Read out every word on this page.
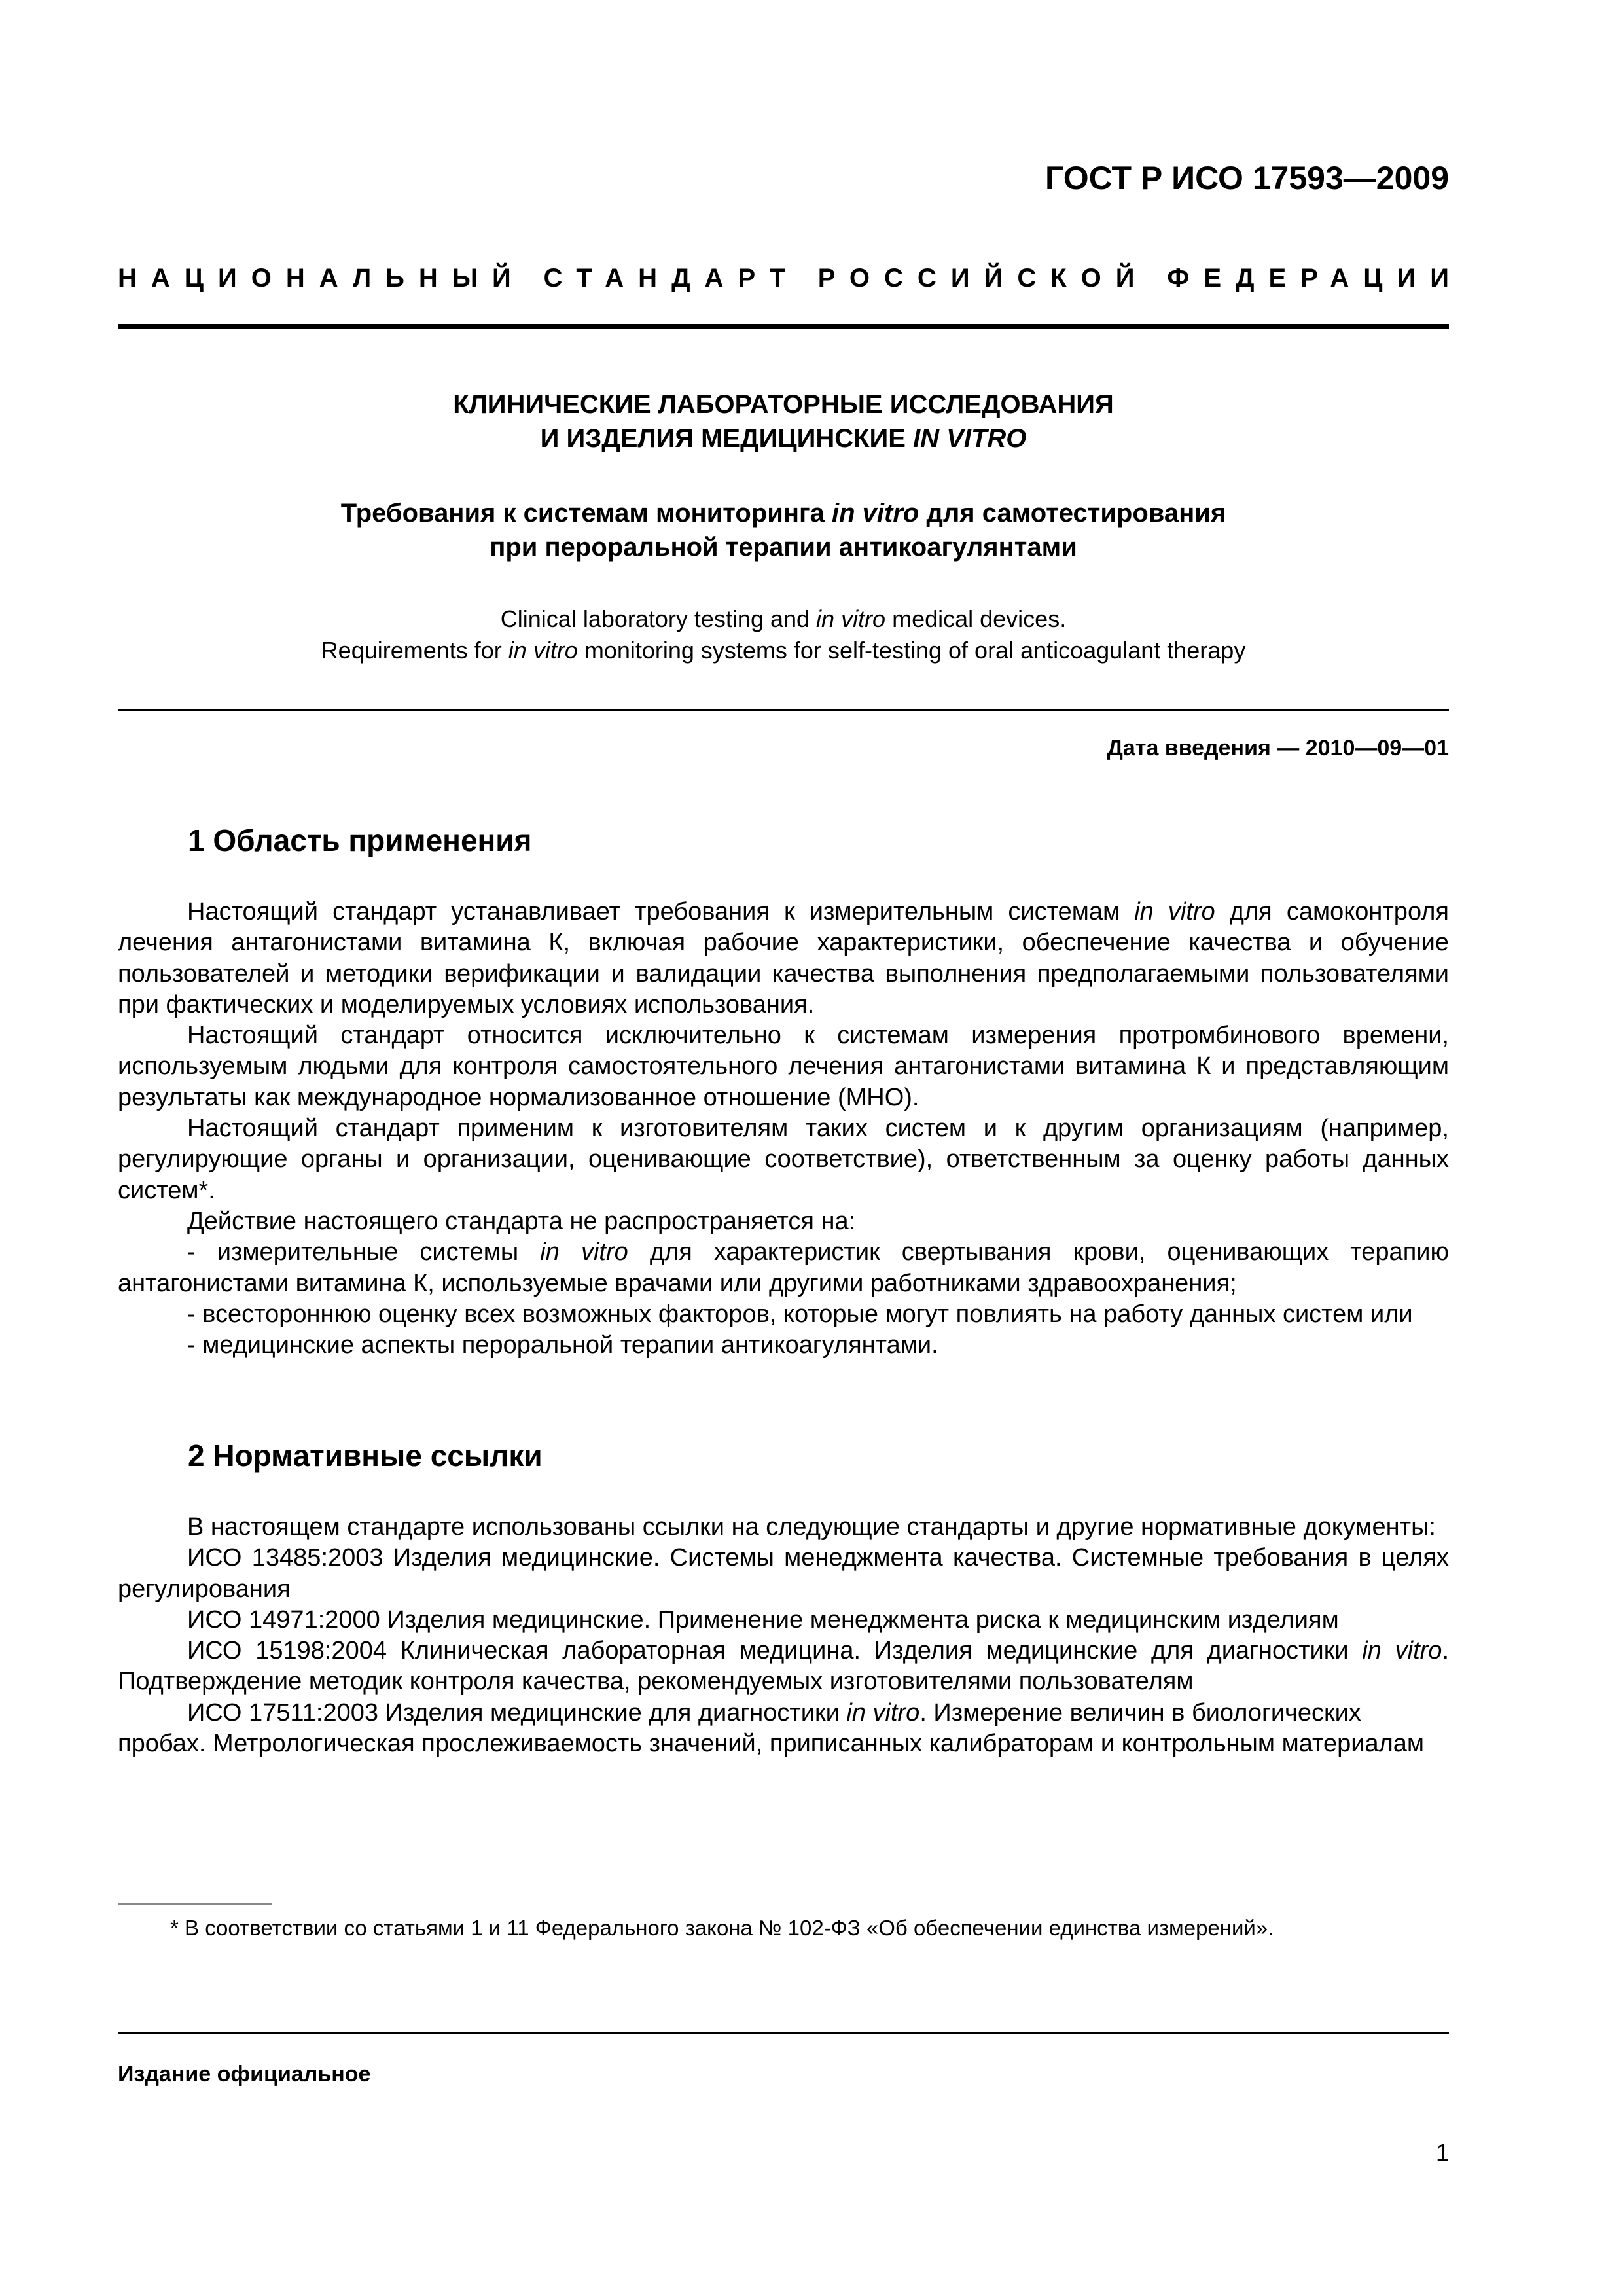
ГОСТ Р ИСО 17593—2009
НАЦИОНАЛЬНЫЙ СТАНДАРТ РОССИЙСКОЙ ФЕДЕРАЦИИ
КЛИНИЧЕСКИЕ ЛАБОРАТОРНЫЕ ИССЛЕДОВАНИЯ
И ИЗДЕЛИЯ МЕДИЦИНСКИЕ IN VITRO
Требования к системам мониторинга in vitro для самотестирования
при пероральной терапии антикоагулянтами
Clinical laboratory testing and in vitro medical devices.
Requirements for in vitro monitoring systems for self-testing of oral anticoagulant therapy
Дата введения — 2010—09—01
1 Область применения

Настоящий стандарт устанавливает требования к измерительным системам in vitro для самоконтроля лечения антагонистами витамина К, включая рабочие характеристики, обеспечение качества и обучение пользователей и методики верификации и валидации качества выполнения предполагаемыми пользователями при фактических и моделируемых условиях использования.

Настоящий стандарт относится исключительно к системам измерения протромбинового времени, используемым людьми для контроля самостоятельного лечения антагонистами витамина К и представляющим результаты как международное нормализованное отношение (МНО).

Настоящий стандарт применим к изготовителям таких систем и к другим организациям (например, регулирующие органы и организации, оценивающие соответствие), ответственным за оценку работы данных систем*.

Действие настоящего стандарта не распространяется на:

- измерительные системы in vitro для характеристик свертывания крови, оценивающих терапию антагонистами витамина К, используемые врачами или другими работниками здравоохранения;

- всестороннюю оценку всех возможных факторов, которые могут повлиять на работу данных систем или

- медицинские аспекты пероральной терапии антикоагулянтами.

2 Нормативные ссылки

В настоящем стандарте использованы ссылки на следующие стандарты и другие нормативные документы:

ИСО 13485:2003 Изделия медицинские. Системы менеджмента качества. Системные требования в целях регулирования

ИСО 14971:2000 Изделия медицинские. Применение менеджмента риска к медицинским изделиям

ИСО 15198:2004 Клиническая лабораторная медицина. Изделия медицинские для диагностики in vitro. Подтверждение методик контроля качества, рекомендуемых изготовителями пользователям

ИСО 17511:2003 Изделия медицинские для диагностики in vitro. Измерение величин в биологических пробах. Метрологическая прослеживаемость значений, приписанных калибраторам и контрольным материалам

* В соответствии со статьями 1 и 11 Федерального закона № 102-ФЗ «Об обеспечении единства измерений».
Издание официальное
1
